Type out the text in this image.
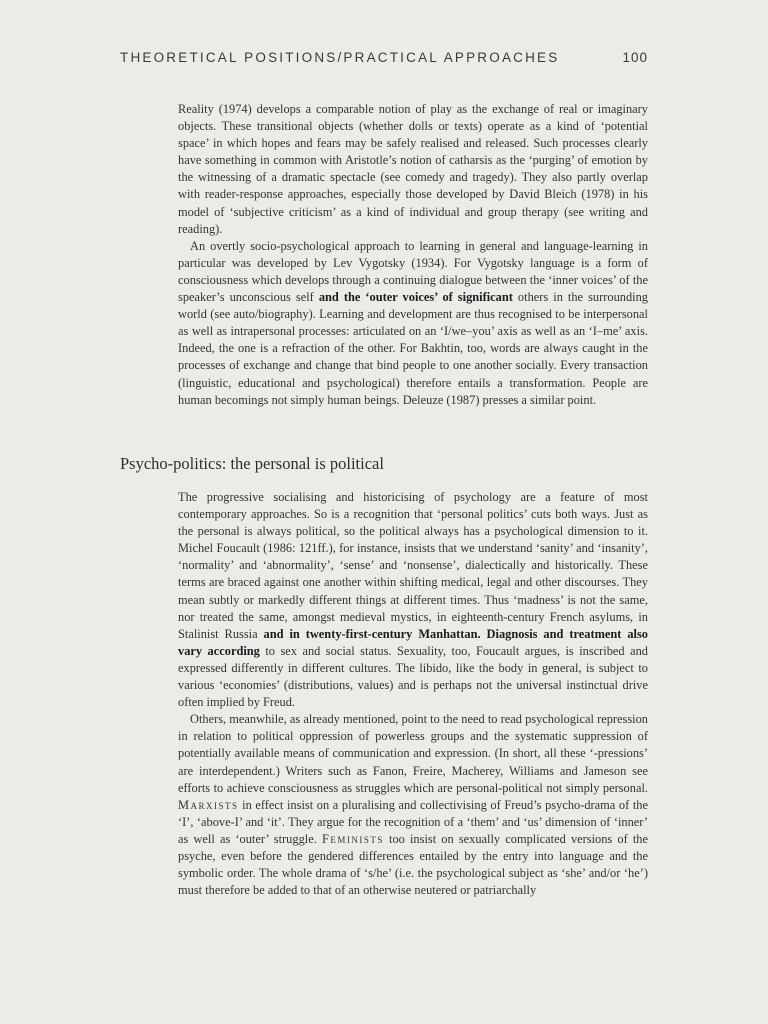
THEORETICAL POSITIONS/PRACTICAL APPROACHES	100

Reality (1974) develops a comparable notion of play as the exchange of real or imaginary objects. These transitional objects (whether dolls or texts) operate as a kind of ‘potential space’ in which hopes and fears may be safely realised and released. Such processes clearly have something in common with Aristotle’s notion of catharsis as the ‘purging’ of emotion by the witnessing of a dramatic spectacle (see comedy and tragedy). They also partly overlap with reader-response approaches, especially those developed by David Bleich (1978) in his model of ‘subjective criticism’ as a kind of individual and group therapy (see writing and reading).

An overtly socio-psychological approach to learning in general and language-learning in particular was developed by Lev Vygotsky (1934). For Vygotsky language is a form of consciousness which develops through a continuing dialogue between the ‘inner voices’ of the speaker’s unconscious self and the ‘outer voices’ of significant others in the surrounding world (see auto/biography). Learning and development are thus recognised to be interpersonal as well as intrapersonal processes: articulated on an ‘I/we–you’ axis as well as an ‘I–me’ axis. Indeed, the one is a refraction of the other. For Bakhtin, too, words are always caught in the processes of exchange and change that bind people to one another socially. Every transaction (linguistic, educational and psychological) therefore entails a transformation. People are human becomings not simply human beings. Deleuze (1987) presses a similar point.

Psycho-politics: the personal is political

The progressive socialising and historicising of psychology are a feature of most contemporary approaches. So is a recognition that ‘personal politics’ cuts both ways. Just as the personal is always political, so the political always has a psychological dimension to it. Michel Foucault (1986: 121ff.), for instance, insists that we understand ‘sanity’ and ‘insanity’, ‘normality’ and ‘abnormality’, ‘sense’ and ‘nonsense’, dialectically and historically. These terms are braced against one another within shifting medical, legal and other discourses. They mean subtly or markedly different things at different times. Thus ‘madness’ is not the same, nor treated the same, amongst medieval mystics, in eighteenth-century French asylums, in Stalinist Russia and in twenty-first-century Manhattan. Diagnosis and treatment also vary according to sex and social status. Sexuality, too, Foucault argues, is inscribed and expressed differently in different cultures. The libido, like the body in general, is subject to various ‘economies’ (distributions, values) and is perhaps not the universal instinctual drive often implied by Freud.

Others, meanwhile, as already mentioned, point to the need to read psychological repression in relation to political oppression of powerless groups and the systematic suppression of potentially available means of communication and expression. (In short, all these ‘-pressions’ are interdependent.) Writers such as Fanon, Freire, Macherey, Williams and Jameson see efforts to achieve consciousness as struggles which are personal-political not simply personal. Marxists in effect insist on a pluralising and collectivising of Freud’s psycho-drama of the ‘I’, ‘above-I’ and ‘it’. They argue for the recognition of a ‘them’ and ‘us’ dimension of ‘inner’ as well as ‘outer’ struggle. Feminists too insist on sexually complicated versions of the psyche, even before the gendered differences entailed by the entry into language and the symbolic order. The whole drama of ‘s/he’ (i.e. the psychological subject as ‘she’ and/or ‘he’) must therefore be added to that of an otherwise neutered or patriarchally
